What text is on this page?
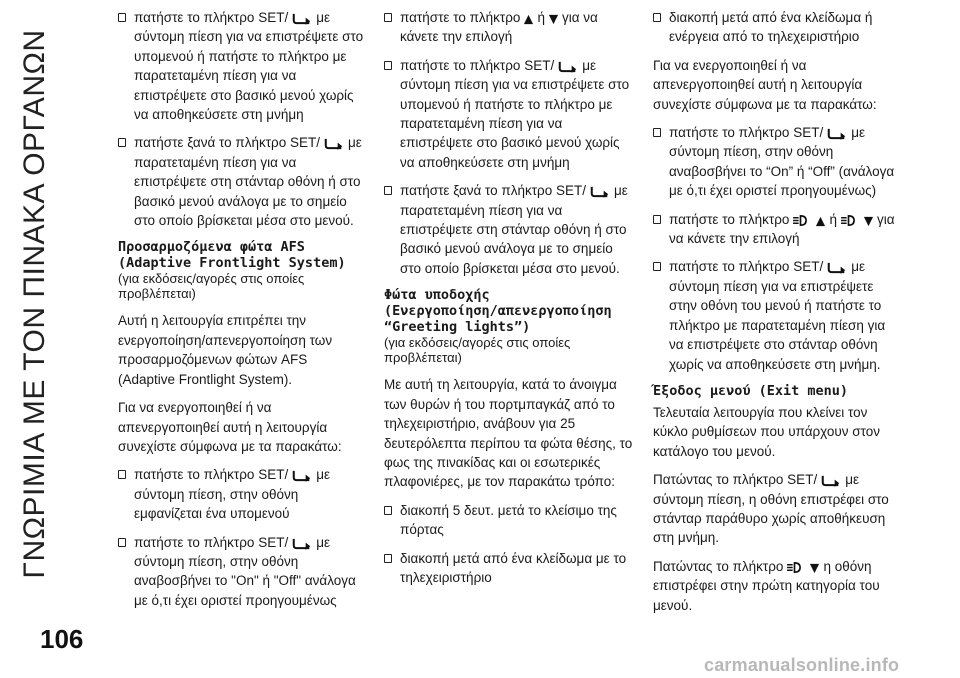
ΓΝΩΡΙΜΙΑ ΜΕ ΤΟΝ ΠΙΝΑΚΑ ΟΡΓΑΝΩΝ
106
carmanualsonline.info
πατήστε το πλήκτρο SET/ με σύντομη πίεση για να επιστρέψετε στο υπομενού ή πατήστε το πλήκτρο με παρατεταμένη πίεση για να επιστρέψετε στο βασικό μενού χωρίς να αποθηκεύσετε στη μνήμη
πατήστε ξανά το πλήκτρο SET/ με παρατεταμένη πίεση για να επιστρέψετε στη στάνταρ οθόνη ή στο βασικό μενού ανάλογα με το σημείο στο οποίο βρίσκεται μέσα στο μενού.
Προσαρμοζόμενα φώτα AFS
(Adaptive Frontlight System)
(για εκδόσεις/αγορές στις οποίες προβλέπεται)
Αυτή η λειτουργία επιτρέπει την ενεργοποίηση/απενεργοποίηση των προσαρμοζόμενων φώτων AFS (Adaptive Frontlight System).
Για να ενεργοποιηθεί ή να απενεργοποιηθεί αυτή η λειτουργία συνεχίστε σύμφωνα με τα παρακάτω:
πατήστε το πλήκτρο SET/ με σύντομη πίεση, στην οθόνη εμφανίζεται ένα υπομενού
πατήστε το πλήκτρο SET/ με σύντομη πίεση, στην οθόνη αναβοσβήνει το "On" ή "Off" ανάλογα με ό,τι έχει οριστεί προηγουμένως
πατήστε το πλήκτρο ή για να κάνετε την επιλογή
πατήστε το πλήκτρο SET/ με σύντομη πίεση για να επιστρέψετε στο υπομενού ή πατήστε το πλήκτρο με παρατεταμένη πίεση για να επιστρέψετε στο βασικό μενού χωρίς να αποθηκεύσετε στη μνήμη
πατήστε ξανά το πλήκτρο SET/ με παρατεταμένη πίεση για να επιστρέψετε στη στάνταρ οθόνη ή στο βασικό μενού ανάλογα με το σημείο στο οποίο βρίσκεται μέσα στο μενού.
Φώτα υποδοχής
(Ενεργοποίηση/απενεργοποίηση
“Greeting lights”)
(για εκδόσεις/αγορές στις οποίες προβλέπεται)
Με αυτή τη λειτουργία, κατά το άνοιγμα των θυρών ή του πορτμπαγκάζ από το τηλεχειριστήριο, ανάβουν για 25 δευτερόλεπτα περίπου τα φώτα θέσης, το φως της πινακίδας και οι εσωτερικές πλαφονιέρες, με τον παρακάτω τρόπο:
διακοπή 5 δευτ. μετά το κλείσιμο της πόρτας
διακοπή μετά από ένα κλείδωμα με το τηλεχειριστήριο
διακοπή μετά από ένα κλείδωμα ή ενέργεια από το τηλεχειριστήριο
Για να ενεργοποιηθεί ή να απενεργοποιηθεί αυτή η λειτουργία συνεχίστε σύμφωνα με τα παρακάτω:
πατήστε το πλήκτρο SET/ με σύντομη πίεση, στην οθόνη αναβοσβήνει το “On” ή “Off” (ανάλογα με ό,τι έχει οριστεί προηγουμένως)
πατήστε το πλήκτρο	ή	για να κάνετε την επιλογή
πατήστε το πλήκτρο SET/ με σύντομη πίεση για να επιστρέψετε στην οθόνη του μενού ή πατήστε το πλήκτρο με παρατεταμένη πίεση για να επιστρέψετε στο στάνταρ οθόνη χωρίς να αποθηκεύσετε στη μνήμη.
Έξοδος μενού (Exit menu)
Τελευταία λειτουργία που κλείνει τον κύκλο ρυθμίσεων που υπάρχουν στον κατάλογο του μενού.
Πατώντας το πλήκτρο SET/ με σύντομη πίεση, η οθόνη επιστρέφει στο στάνταρ παράθυρο χωρίς αποθήκευση στη μνήμη.
Πατώντας το πλήκτρο	η οθόνη επιστρέφει στην πρώτη κατηγορία του μενού.
